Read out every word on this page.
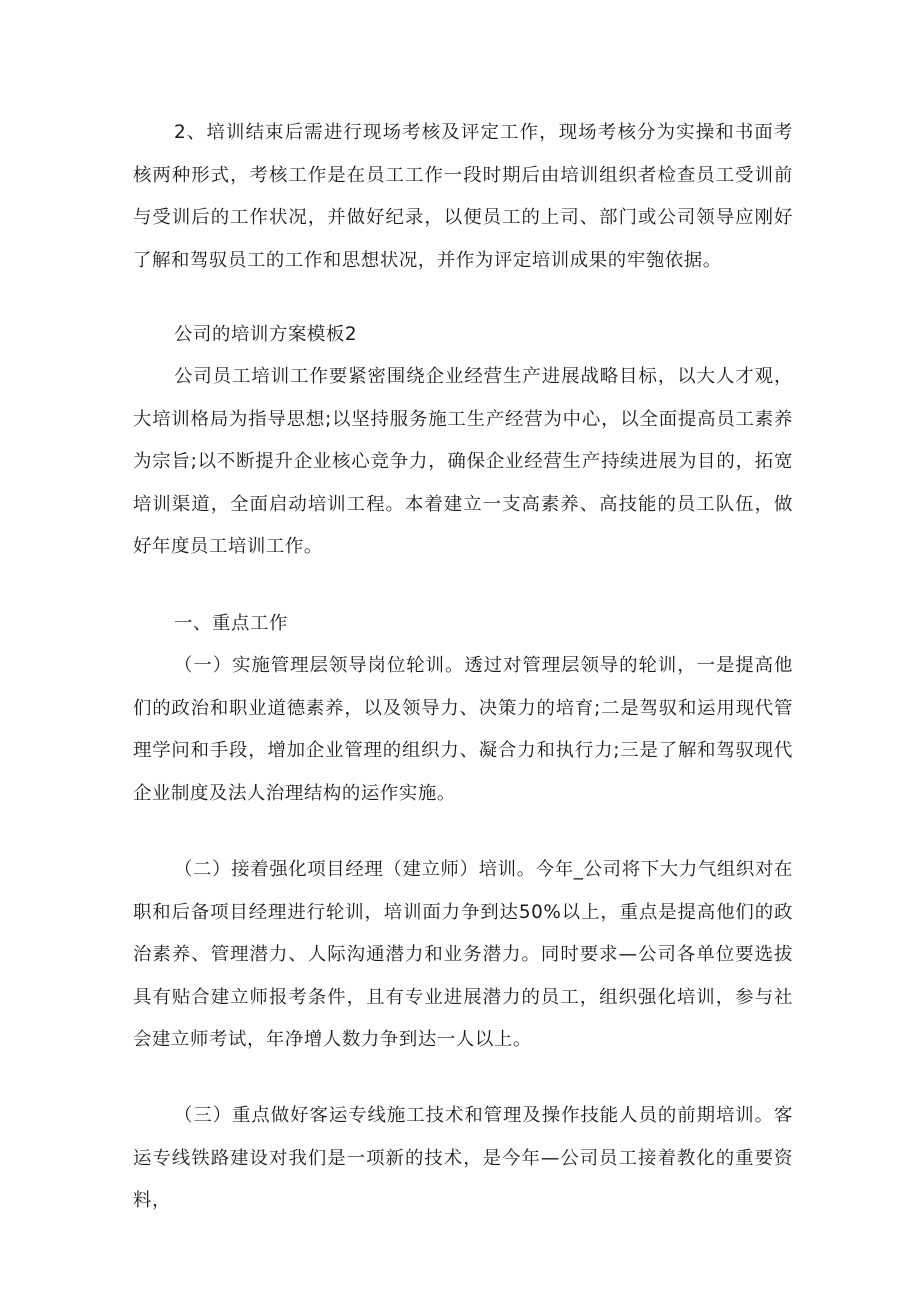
2、培训结束后需进行现场考核及评定工作，现场考核分为实操和书面考核两种形式，考核工作是在员工工作一段时期后由培训组织者检查员工受训前与受训后的工作状况，并做好纪录，以便员工的上司、部门或公司领导应刚好了解和驾驭员工的工作和思想状况，并作为评定培训成果的牢匏依据。

公司的培训方案模板2

公司员工培训工作要紧密围绕企业经营生产进展战略目标，以大人才观，大培训格局为指导思想;以坚持服务施工生产经营为中心，以全面提高员工素养为宗旨;以不断提升企业核心竞争力，确保企业经营生产持续进展为目的，拓宽培训渠道，全面启动培训工程。本着建立一支高素养、高技能的员工队伍，做好年度员工培训工作。

一、重点工作

（一）实施管理层领导岗位轮训。透过对管理层领导的轮训，一是提高他们的政治和职业道德素养，以及领导力、决策力的培育;二是驾驭和运用现代管理学问和手段，增加企业管理的组织力、凝合力和执行力;三是了解和驾驭现代企业制度及法人治理结构的运作实施。

（二）接着强化项目经理（建立师）培训。今年_公司将下大力气组织对在职和后备项目经理进行轮训，培训面力争到达50%以上，重点是提高他们的政治素养、管理潜力、人际沟通潜力和业务潜力。同时要求—公司各单位要选拔具有贴合建立师报考条件，且有专业进展潜力的员工，组织强化培训，参与社会建立师考试，年净增人数力争到达一人以上。

（三）重点做好客运专线施工技术和管理及操作技能人员的前期培训。客运专线铁路建设对我们是一项新的技术，是今年—公司员工接着教化的重要资料，
